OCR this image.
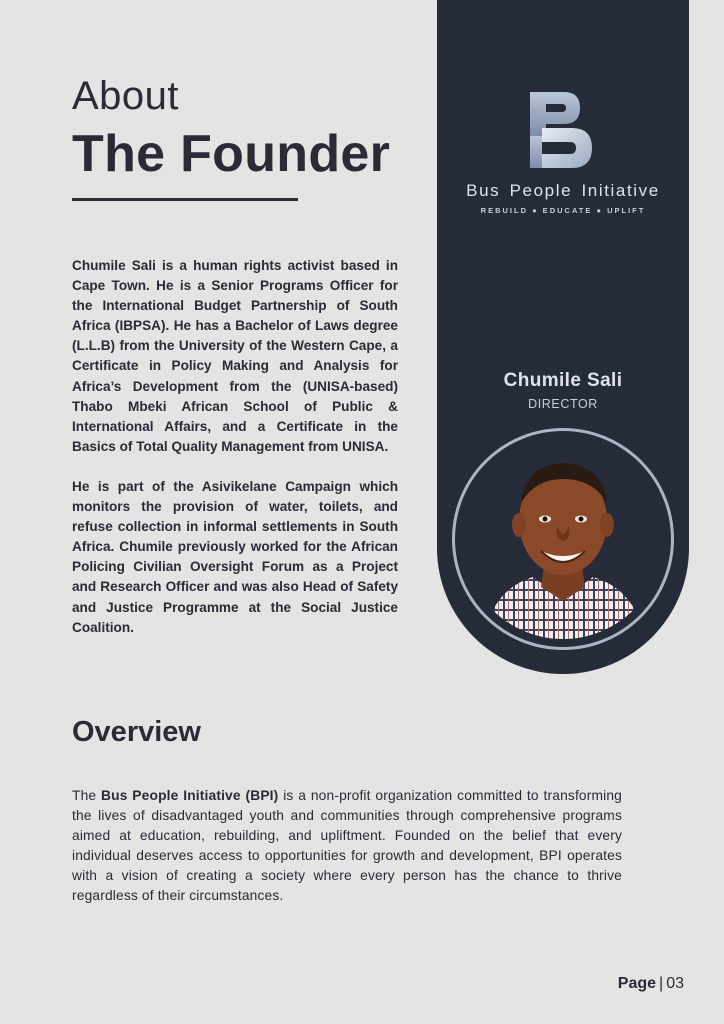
About
The Founder

Chumile Sali is a human rights activist based in Cape Town. He is a Senior Programs Officer for the International Budget Partnership of South Africa (IBPSA). He has a Bachelor of Laws degree (L.L.B) from the University of the Western Cape, a Certificate in Policy Making and Analysis for Africa’s Development from the (UNISA-based) Thabo Mbeki African School of Public & International Affairs, and a Certificate in the Basics of Total Quality Management from UNISA.

He is part of the Asivikelane Campaign which monitors the provision of water, toilets, and refuse collection in informal settlements in South Africa. Chumile previously worked for the African Policing Civilian Oversight Forum as a Project and Research Officer and was also Head of Safety and Justice Programme at the Social Justice Coalition.

Bus People Initiative
REBUILD ● EDUCATE ● UPLIFT
Chumile Sali
DIRECTOR
Overview

The Bus People Initiative (BPI) is a non-profit organization committed to transforming the lives of disadvantaged youth and communities through comprehensive programs aimed at education, rebuilding, and upliftment. Founded on the belief that every individual deserves access to opportunities for growth and development, BPI operates with a vision of creating a society where every person has the chance to thrive regardless of their circumstances.

Page | 03
